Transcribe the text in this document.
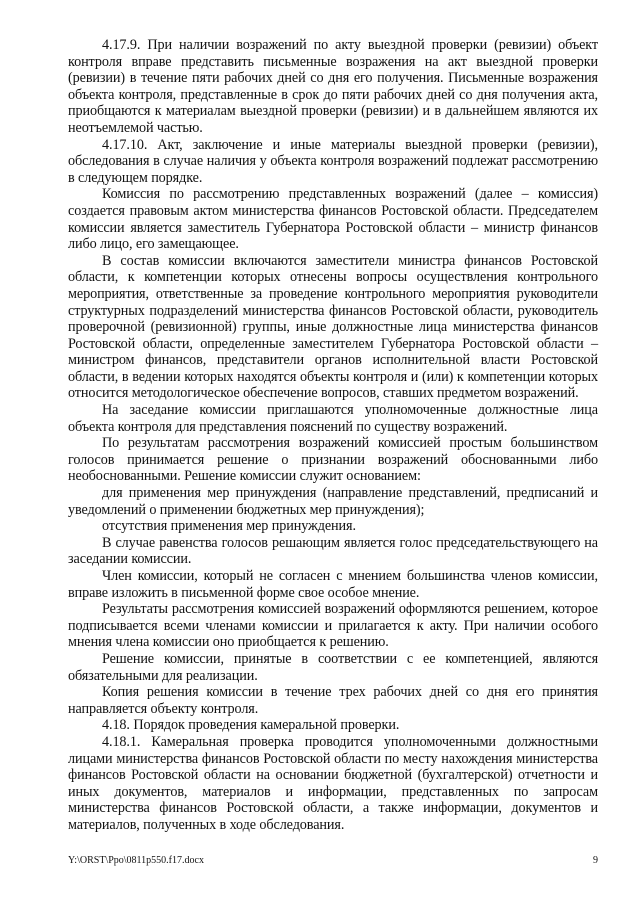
4.17.9. При наличии возражений по акту выездной проверки (ревизии) объект контроля вправе представить письменные возражения на акт выездной проверки (ревизии) в течение пяти рабочих дней со дня его получения. Письменные возражения объекта контроля, представленные в срок до пяти рабочих дней со дня получения акта, приобщаются к материалам выездной проверки (ревизии) и в дальнейшем являются их неотъемлемой частью.

4.17.10. Акт, заключение и иные материалы выездной проверки (ревизии), обследования в случае наличия у объекта контроля возражений подлежат рассмотрению в следующем порядке.

Комиссия по рассмотрению представленных возражений (далее – комиссия) создается правовым актом министерства финансов Ростовской области. Председателем комиссии является заместитель Губернатора Ростовской области – министр финансов либо лицо, его замещающее.

В состав комиссии включаются заместители министра финансов Ростовской области, к компетенции которых отнесены вопросы осуществления контрольного мероприятия, ответственные за проведение контрольного мероприятия руководители структурных подразделений министерства финансов Ростовской области, руководитель проверочной (ревизионной) группы, иные должностные лица министерства финансов Ростовской области, определенные заместителем Губернатора Ростовской области – министром финансов, представители органов исполнительной власти Ростовской области, в ведении которых находятся объекты контроля и (или) к компетенции которых относится методологическое обеспечение вопросов, ставших предметом возражений.

На заседание комиссии приглашаются уполномоченные должностные лица объекта контроля для представления пояснений по существу возражений.

По результатам рассмотрения возражений комиссией простым большинством голосов принимается решение о признании возражений обоснованными либо необоснованными. Решение комиссии служит основанием:

для применения мер принуждения (направление представлений, предписаний и уведомлений о применении бюджетных мер принуждения);

отсутствия применения мер принуждения.

В случае равенства голосов решающим является голос председательствующего на заседании комиссии.

Член комиссии, который не согласен с мнением большинства членов комиссии, вправе изложить в письменной форме свое особое мнение.

Результаты рассмотрения комиссией возражений оформляются решением, которое подписывается всеми членами комиссии и прилагается к акту. При наличии особого мнения члена комиссии оно приобщается к решению.

Решение комиссии, принятые в соответствии с ее компетенцией, являются обязательными для реализации.

Копия решения комиссии в течение трех рабочих дней со дня его принятия направляется объекту контроля.

4.18. Порядок проведения камеральной проверки.

4.18.1. Камеральная проверка проводится уполномоченными должностными лицами министерства финансов Ростовской области по месту нахождения министерства финансов Ростовской области на основании бюджетной (бухгалтерской) отчетности и иных документов, материалов и информации, представленных по запросам министерства финансов Ростовской области, а также информации, документов и материалов, полученных в ходе обследования.

Y:\ORST\Ppo\0811p550.f17.docx	9
